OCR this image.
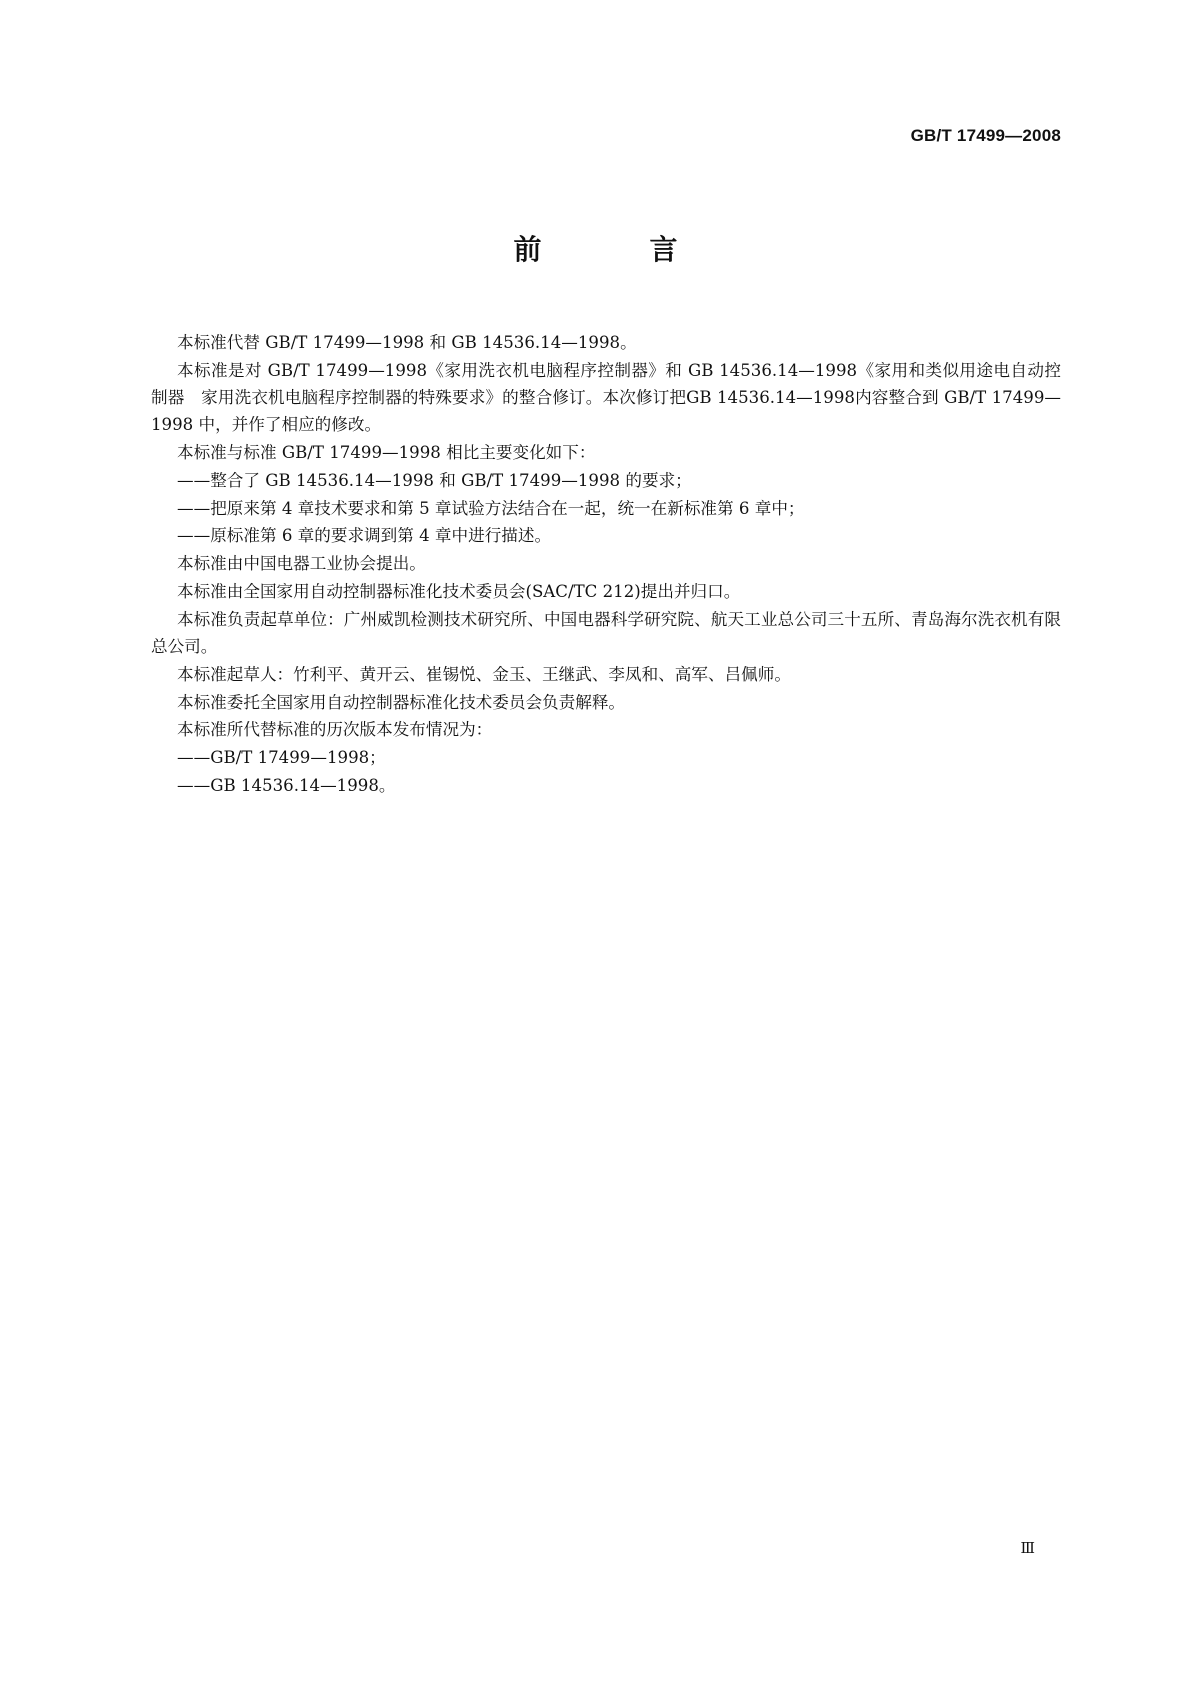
GB/T 17499—2008
前　言

本标准代替 GB/T 17499—1998 和 GB 14536.14—1998。

本标准是对 GB/T 17499—1998《家用洗衣机电脑程序控制器》和 GB 14536.14—1998《家用和类似用途电自动控制器　家用洗衣机电脑程序控制器的特殊要求》的整合修订。本次修订把GB 14536.14—1998内容整合到 GB/T 17499—1998 中，并作了相应的修改。

本标准与标准 GB/T 17499—1998 相比主要变化如下：

——整合了 GB 14536.14—1998 和 GB/T 17499—1998 的要求；

——把原来第 4 章技术要求和第 5 章试验方法结合在一起，统一在新标准第 6 章中；

——原标准第 6 章的要求调到第 4 章中进行描述。

本标准由中国电器工业协会提出。

本标准由全国家用自动控制器标准化技术委员会(SAC/TC 212)提出并归口。

本标准负责起草单位：广州威凯检测技术研究所、中国电器科学研究院、航天工业总公司三十五所、青岛海尔洗衣机有限总公司。

本标准起草人：竹利平、黄开云、崔锡悦、金玉、王继武、李凤和、高军、吕佩师。

本标准委托全国家用自动控制器标准化技术委员会负责解释。

本标准所代替标准的历次版本发布情况为：

——GB/T 17499—1998；

——GB 14536.14—1998。

Ⅲ
